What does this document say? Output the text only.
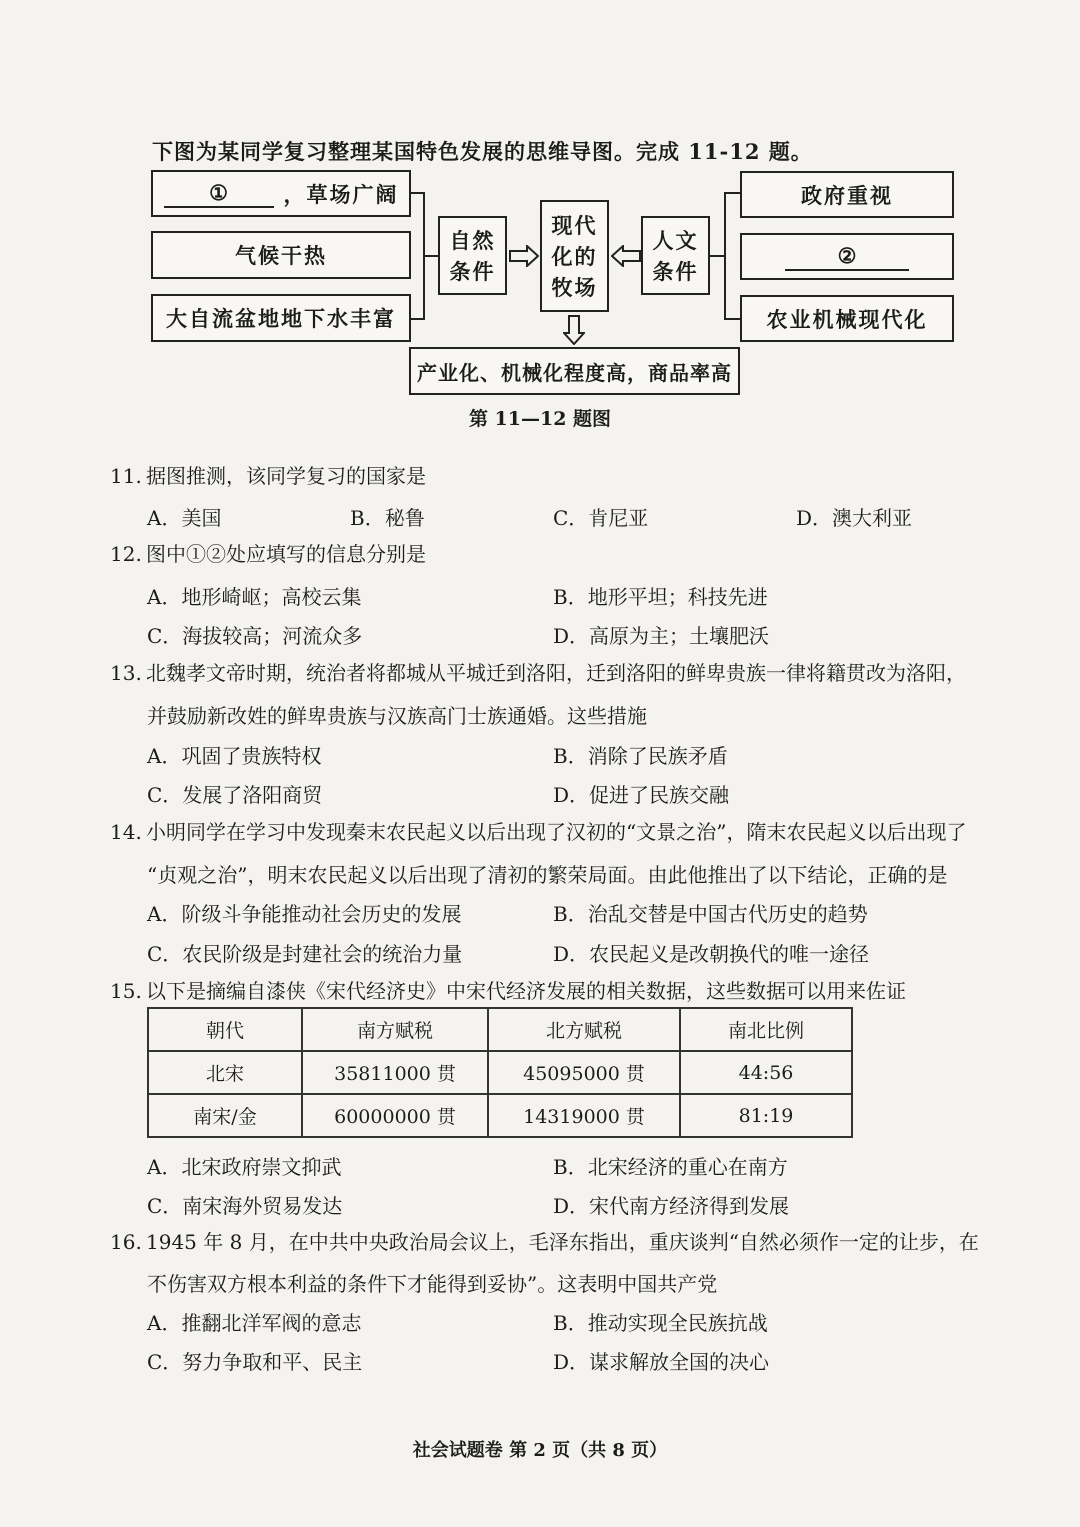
下图为某同学复习整理某国特色发展的思维导图。完成 11-12 题。
①	，草场广阔
气候干热
大自流盆地地下水丰富
自然
条件
现代
化的
牧场
人文
条件
政府重视
②
农业机械现代化
产业化、机械化程度高，商品率高
第 11—12 题图
11. 据图推测，该同学复习的国家是
A．美国	B．秘鲁	C．肯尼亚	D．澳大利亚
12. 图中①②处应填写的信息分别是
A．地形崎岖；高校云集	B．地形平坦；科技先进
C．海拔较高；河流众多	D．高原为主；土壤肥沃
13. 北魏孝文帝时期，统治者将都城从平城迁到洛阳，迁到洛阳的鲜卑贵族一律将籍贯改为洛阳，
并鼓励新改姓的鲜卑贵族与汉族高门士族通婚。这些措施
A．巩固了贵族特权	B．消除了民族矛盾
C．发展了洛阳商贸	D．促进了民族交融
14. 小明同学在学习中发现秦末农民起义以后出现了汉初的“文景之治”，隋末农民起义以后出现了
“贞观之治”，明末农民起义以后出现了清初的繁荣局面。由此他推出了以下结论，正确的是
A．阶级斗争能推动社会历史的发展	B．治乱交替是中国古代历史的趋势
C．农民阶级是封建社会的统治力量	D．农民起义是改朝换代的唯一途径
15. 以下是摘编自漆侠《宋代经济史》中宋代经济发展的相关数据，这些数据可以用来佐证
朝代	南方赋税	北方赋税	南北比例
北宋	35811000 贯	45095000 贯	44:56
南宋/金	60000000 贯	14319000 贯	81:19
A．北宋政府崇文抑武	B．北宋经济的重心在南方
C．南宋海外贸易发达	D．宋代南方经济得到发展
16. 1945 年 8 月，在中共中央政治局会议上，毛泽东指出，重庆谈判“自然必须作一定的让步，在
不伤害双方根本利益的条件下才能得到妥协”。这表明中国共产党
A．推翻北洋军阀的意志	B．推动实现全民族抗战
C．努力争取和平、民主	D．谋求解放全国的决心
社会试题卷 第 2 页（共 8 页）
